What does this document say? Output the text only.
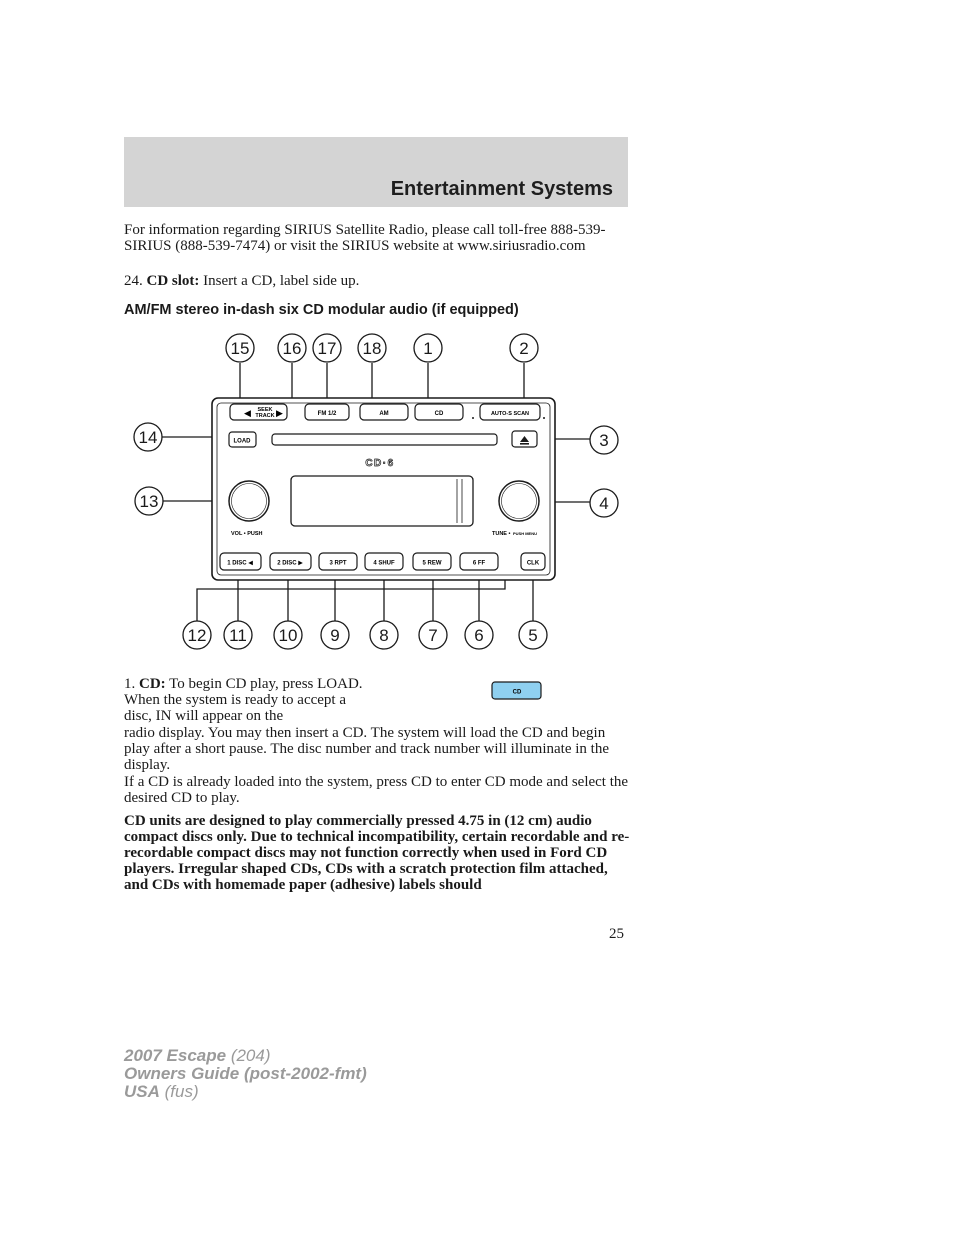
Entertainment Systems
For information regarding SIRIUS Satellite Radio, please call toll-free 888-539-SIRIUS (888-539-7474) or visit the SIRIUS website at www.siriusradio.com
24. CD slot: Insert a CD, label side up.
AM/FM stereo in-dash six CD modular audio (if equipped)
◀ SEEK
TRACK ▶	FM 1/2	AM	CD	AUTO-S SCAN
LOAD
CD·6
VOL • PUSH	TUNE • PUSH MENU
1 DISC ◀	2 DISC ▶	3 RPT	4 SHUF	5 REW	6 FF	CLK
15 16 17 18 1	2
14	3
13	4
12 11 10 9 8 7 6	5
1. CD: To begin CD play, press LOAD. When the system is ready to accept a disc, IN will appear on the
CD
radio display. You may then insert a CD. The system will load the CD and begin play after a short pause. The disc number and track number will illuminate in the display.
If a CD is already loaded into the system, press CD to enter CD mode and select the desired CD to play.
CD units are designed to play commercially pressed 4.75 in (12 cm) audio compact discs only. Due to technical incompatibility, certain recordable and re-recordable compact discs may not function correctly when used in Ford CD players. Irregular shaped CDs, CDs with a scratch protection film attached, and CDs with homemade paper (adhesive) labels should
25
2007 Escape (204)
Owners Guide (post-2002-fmt)
USA (fus)
